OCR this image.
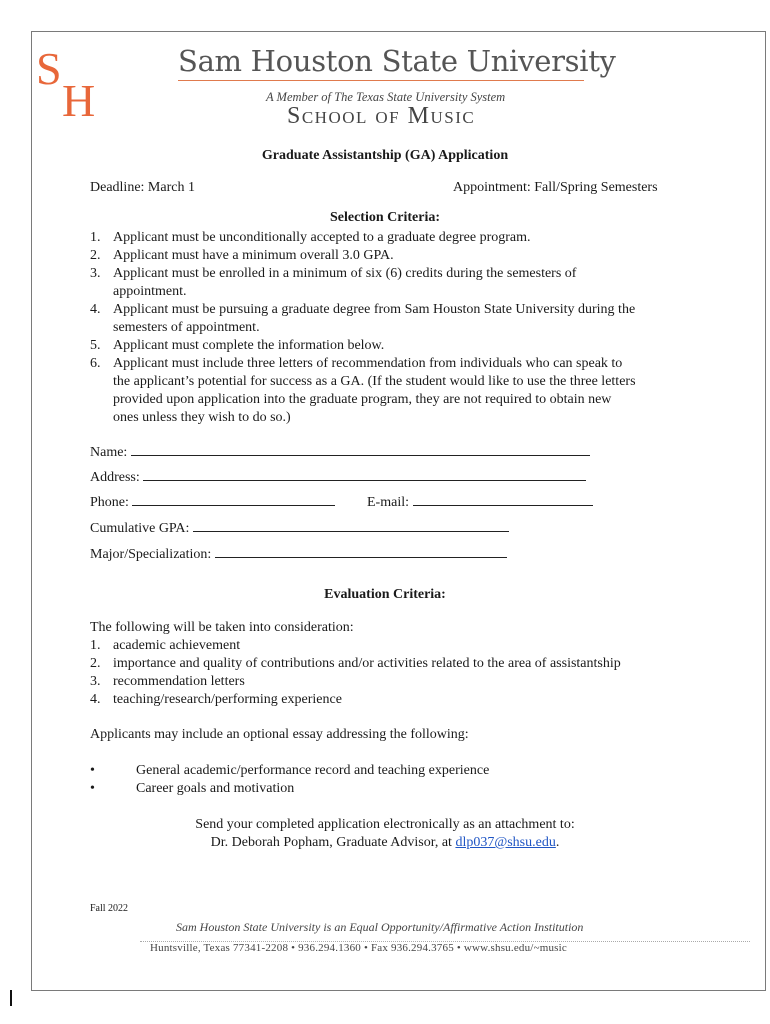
S
H
Sam Houston State University
A Member of The Texas State University System
School of Music
Graduate Assistantship (GA) Application
Deadline: March 1	Appointment: Fall/Spring Semesters
Selection Criteria:
1. Applicant must be unconditionally accepted to a graduate degree program.
2. Applicant must have a minimum overall 3.0 GPA.
3. Applicant must be enrolled in a minimum of six (6) credits during the semesters of
appointment.
4. Applicant must be pursuing a graduate degree from Sam Houston State University during the
semesters of appointment.
5. Applicant must complete the information below.
6. Applicant must include three letters of recommendation from individuals who can speak to
the applicant’s potential for success as a GA. (If the student would like to use the three letters
provided upon application into the graduate program, they are not required to obtain new
ones unless they wish to do so.)
Name:
Address:
Phone:	E-mail:
Cumulative GPA:
Major/Specialization:
Evaluation Criteria:
The following will be taken into consideration:
1. academic achievement
2. importance and quality of contributions and/or activities related to the area of assistantship
3. recommendation letters
4. teaching/research/performing experience
Applicants may include an optional essay addressing the following:
•	General academic/performance record and teaching experience
•	Career goals and motivation
Send your completed application electronically as an attachment to:
Dr. Deborah Popham, Graduate Advisor, at dlp037@shsu.edu.
Fall 2022
Sam Houston State University is an Equal Opportunity/Affirmative Action Institution
Huntsville, Texas 77341-2208 • 936.294.1360 • Fax 936.294.3765 • www.shsu.edu/~music
